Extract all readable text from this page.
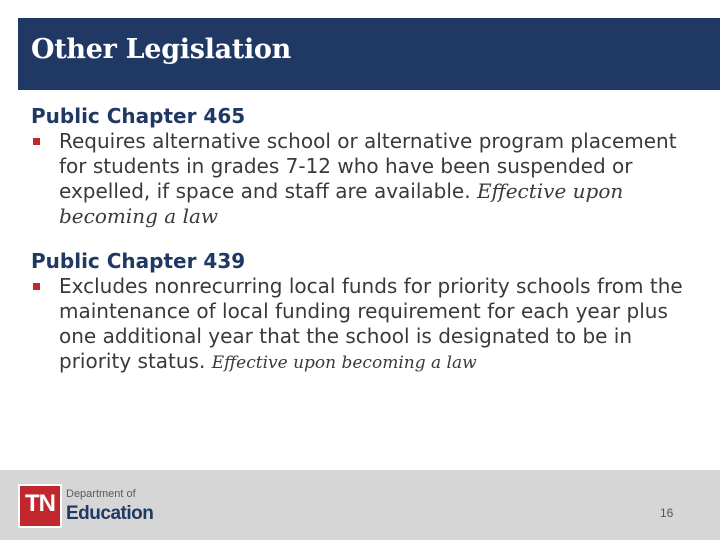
Other Legislation
Public Chapter 465
Requires alternative school or alternative program placement for students in grades 7-12 who have been suspended or expelled, if space and staff are available. Effective upon becoming a law
Public Chapter 439
Excludes nonrecurring local funds for priority schools from the maintenance of local funding requirement for each year plus one additional year that the school is designated to be in priority status. Effective upon becoming a law
TN	Department of
Education	16
